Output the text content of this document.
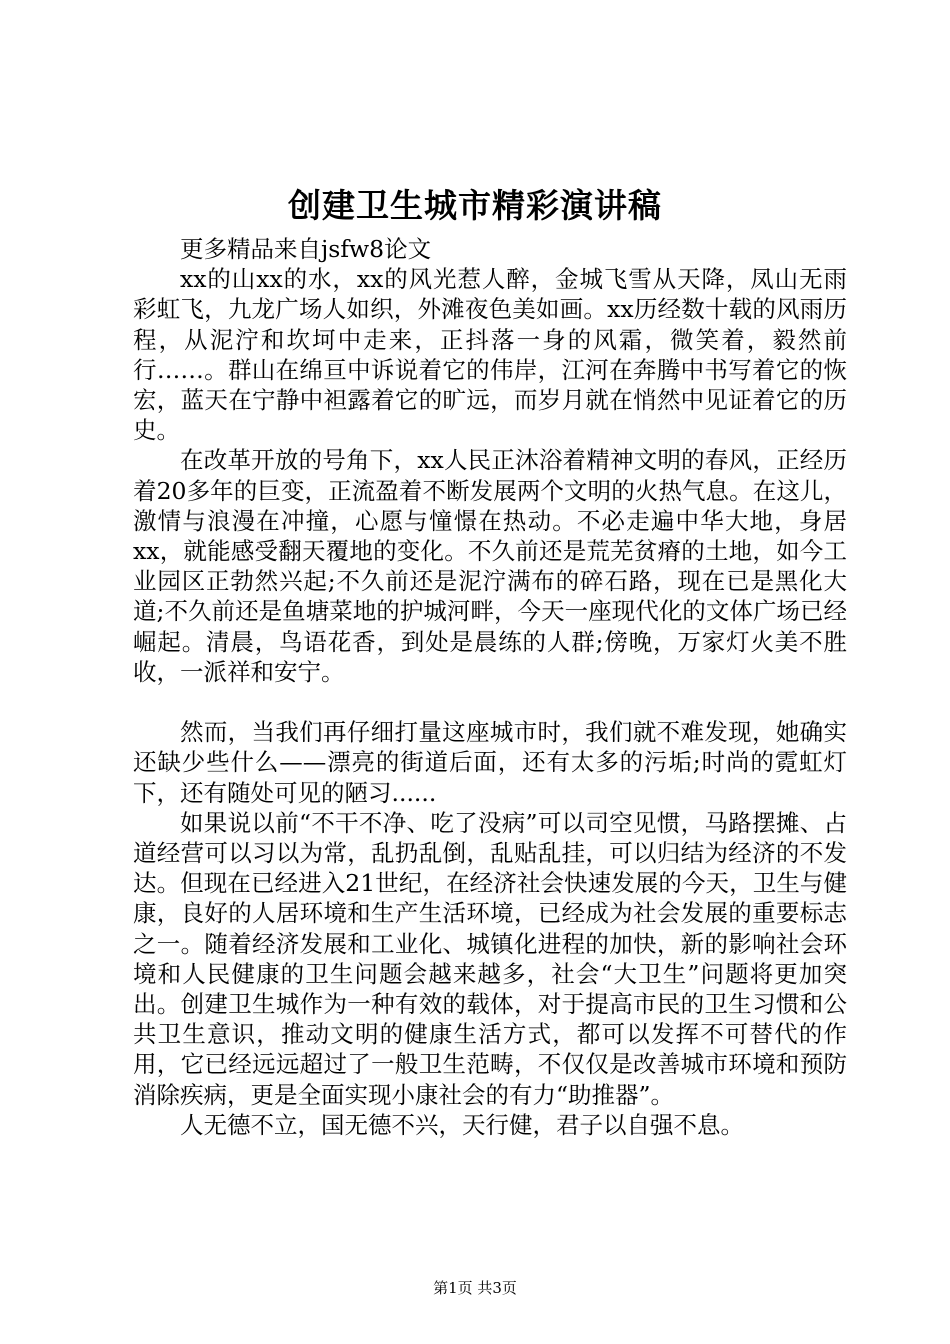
创建卫生城市精彩演讲稿

更多精品来自jsfw8论文

xx的山xx的水，xx的风光惹人醉，金城飞雪从天降，凤山无雨彩虹飞，九龙广场人如织，外滩夜色美如画。xx历经数十载的风雨历程，从泥泞和坎坷中走来，正抖落一身的风霜，微笑着，毅然前行……。群山在绵亘中诉说着它的伟岸，江河在奔腾中书写着它的恢宏，蓝天在宁静中袒露着它的旷远，而岁月就在悄然中见证着它的历史。

在改革开放的号角下，xx人民正沐浴着精神文明的春风，正经历着20多年的巨变，正流盈着不断发展两个文明的火热气息。在这儿，激情与浪漫在冲撞，心愿与憧憬在热动。不必走遍中华大地，身居xx，就能感受翻天覆地的变化。不久前还是荒芜贫瘠的土地，如今工业园区正勃然兴起;不久前还是泥泞满布的碎石路，现在已是黑化大道;不久前还是鱼塘菜地的护城河畔，今天一座现代化的文体广场已经崛起。清晨，鸟语花香，到处是晨练的人群;傍晚，万家灯火美不胜收，一派祥和安宁。

然而，当我们再仔细打量这座城市时，我们就不难发现，她确实还缺少些什么——漂亮的街道后面，还有太多的污垢;时尚的霓虹灯下，还有随处可见的陋习......

如果说以前“不干不净、吃了没病”可以司空见惯，马路摆摊、占道经营可以习以为常，乱扔乱倒，乱贴乱挂，可以归结为经济的不发达。但现在已经进入21世纪，在经济社会快速发展的今天，卫生与健康，良好的人居环境和生产生活环境，已经成为社会发展的重要标志之一。随着经济发展和工业化、城镇化进程的加快，新的影响社会环境和人民健康的卫生问题会越来越多，社会“大卫生”问题将更加突出。创建卫生城作为一种有效的载体，对于提高市民的卫生习惯和公共卫生意识，推动文明的健康生活方式，都可以发挥不可替代的作用，它已经远远超过了一般卫生范畴，不仅仅是改善城市环境和预防消除疾病，更是全面实现小康社会的有力“助推器”。

人无德不立，国无德不兴，天行健，君子以自强不息。

第1页 共3页
